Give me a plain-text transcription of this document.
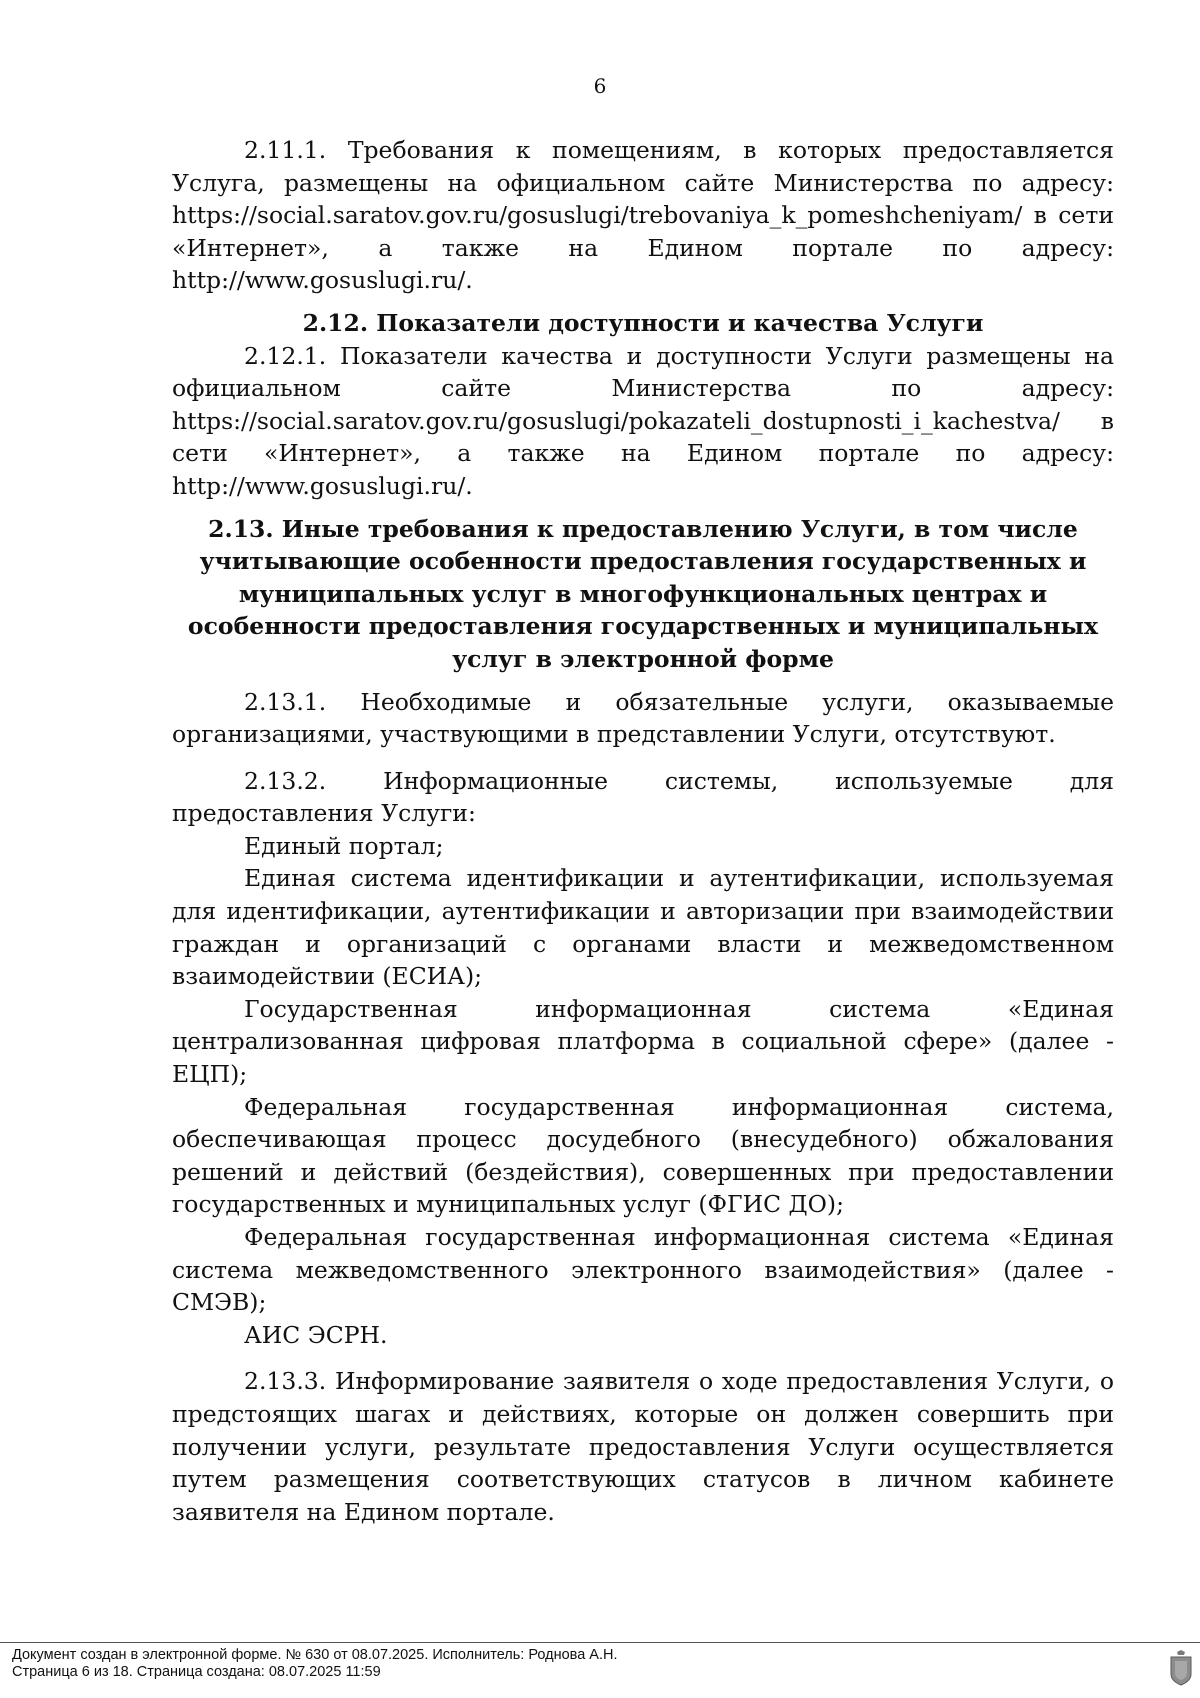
6

2.11.1. Требования к помещениям, в которых предоставляется Услуга, размещены на официальном сайте Министерства по адресу: https://social.saratov.gov.ru/gosuslugi/trebovaniya_k_pomeshcheniyam/ в сети «Интернет», а также на Едином портале по адресу: http://www.gosuslugi.ru/.

2.12. Показатели доступности и качества Услуги

2.12.1. Показатели качества и доступности Услуги размещены на официальном сайте Министерства по адресу: https://social.saratov.gov.ru/gosuslugi/pokazateli_dostupnosti_i_kachestva/ в сети «Интернет», а также на Едином портале по адресу: http://www.gosuslugi.ru/.

2.13. Иные требования к предоставлению Услуги, в том числе учитывающие особенности предоставления государственных и муниципальных услуг в многофункциональных центрах и особенности предоставления государственных и муниципальных услуг в электронной форме

2.13.1. Необходимые и обязательные услуги, оказываемые организациями, участвующими в представлении Услуги, отсутствуют.

2.13.2. Информационные системы, используемые для предоставления Услуги:

Единый портал;

Единая система идентификации и аутентификации, используемая для идентификации, аутентификации и авторизации при взаимодействии граждан и организаций с органами власти и межведомственном взаимодействии (ЕСИА);

Государственная информационная система «Единая централизованная цифровая платформа в социальной сфере» (далее - ЕЦП);

Федеральная государственная информационная система, обеспечивающая процесс досудебного (внесудебного) обжалования решений и действий (бездействия), совершенных при предоставлении государственных и муниципальных услуг (ФГИС ДО);

Федеральная государственная информационная система «Единая система межведомственного электронного взаимодействия» (далее - СМЭВ);

АИС ЭСРН.

2.13.3. Информирование заявителя о ходе предоставления Услуги, о предстоящих шагах и действиях, которые он должен совершить при получении услуги, результате предоставления Услуги осуществляется путем размещения соответствующих статусов в личном кабинете заявителя на Едином портале.

Документ создан в электронной форме. № 630 от 08.07.2025. Исполнитель: Роднова А.Н.
Страница 6 из 18. Страница создана: 08.07.2025 11:59
